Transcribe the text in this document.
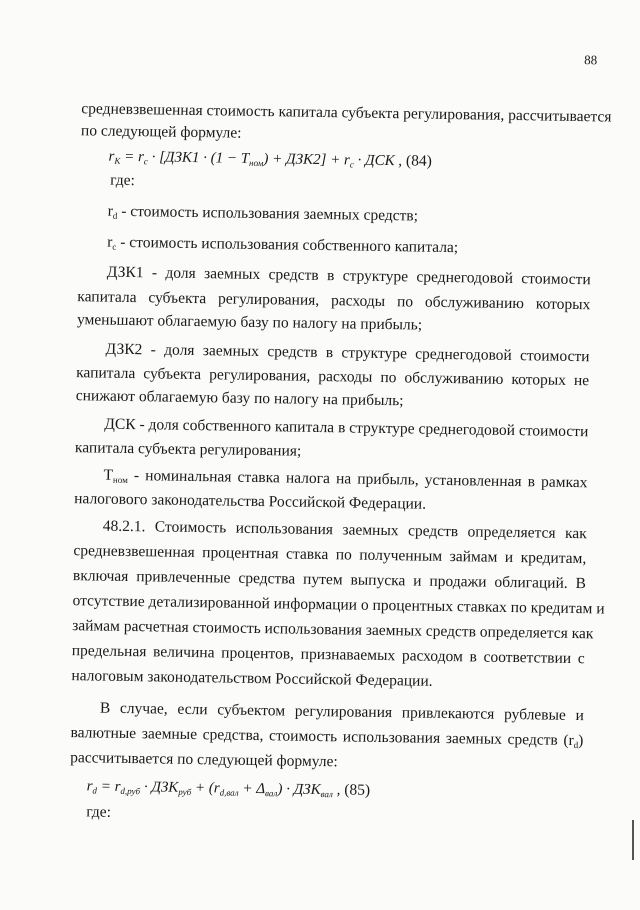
88
средневзвешенная стоимость капитала субъекта регулирования, рассчитывается
по следующей формуле:
$r_K = r_c \cdot [ДЗК1 \cdot (1 - T_{ном}) + ДЗК2] + r_c$ · ДСК , (84)
где:
$r_d$ - стоимость использования заемных средств;
$r_c$ - стоимость использования собственного капитала;
ДЗК1 - доля заемных средств в структуре среднегодовой стоимости
капитала субъекта регулирования, расходы по обслуживанию которых
уменьшают облагаемую базу по налогу на прибыль;
ДЗК2 - доля заемных средств в структуре среднегодовой стоимости
капитала субъекта регулирования, расходы по обслуживанию которых не
снижают облагаемую базу по налогу на прибыль;
ДСК - доля собственного капитала в структуре среднегодовой стоимости
капитала субъекта регулирования;
$T_{ном}$ - номинальная ставка налога на прибыль, установленная в рамках
налогового законодательства Российской Федерации.
48.2.1. Стоимость использования заемных средств определяется как
средневзвешенная процентная ставка по полученным займам и кредитам,
включая привлеченные средства путем выпуска и продажи облигаций. В
отсутствие детализированной информации о процентных ставках по кредитам и
займам расчетная стоимость использования заемных средств определяется как
предельная величина процентов, признаваемых расходом в соответствии с
налоговым законодательством Российской Федерации.
В случае, если субъектом регулирования привлекаются рублевые и
валютные заемные средства, стоимость использования заемных средств $(r_d)$
рассчитывается по следующей формуле:
$r_d = r_{d,руб} \cdot ДЗК_{руб} + (r_{d,вал} + \Delta_{вал}) \cdot ДЗК_{вал}$ , (85)
где:
